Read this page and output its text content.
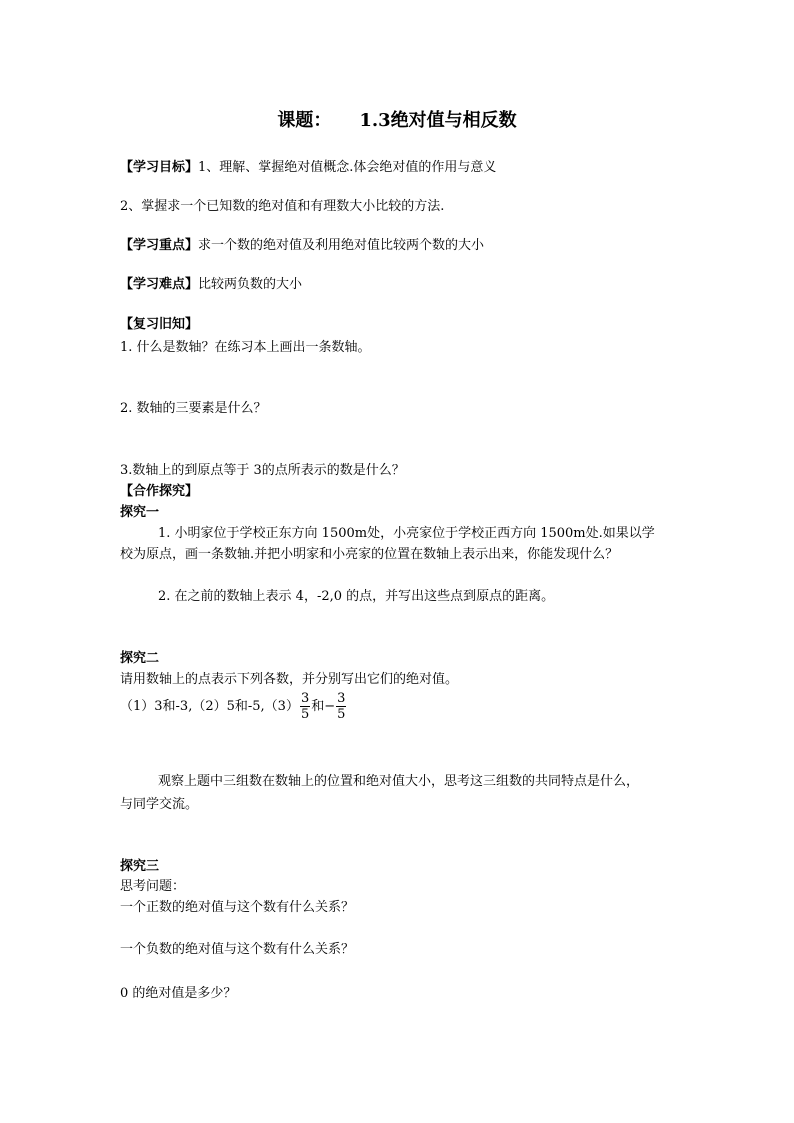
课题： 1.3绝对值与相反数
【学习目标】1、理解、掌握绝对值概念.体会绝对值的作用与意义
2、掌握求一个已知数的绝对值和有理数大小比较的方法.
【学习重点】求一个数的绝对值及利用绝对值比较两个数的大小
【学习难点】比较两负数的大小
【复习旧知】
1. 什么是数轴？在练习本上画出一条数轴。
2. 数轴的三要素是什么？
3.数轴上的到原点等于 3的点所表示的数是什么？
【合作探究】
探究一
1. 小明家位于学校正东方向 1500m处，小亮家位于学校正西方向 1500m处.如果以学
校为原点，画一条数轴.并把小明家和小亮家的位置在数轴上表示出来，你能发现什么？
2. 在之前的数轴上表示 4，-2,0 的点，并写出这些点到原点的距离。
探究二
请用数轴上的点表示下列各数，并分别写出它们的绝对值。
（1）3和-3,（2）5和$-5,(3) \frac{3}{5}$ 和− $\frac{3}{5}$
观察上题中三组数在数轴上的位置和绝对值大小，思考这三组数的共同特点是什么，
与同学交流。
探究三
思考问题：
一个正数的绝对值与这个数有什么关系？
一个负数的绝对值与这个数有什么关系？
0 的绝对值是多少？
